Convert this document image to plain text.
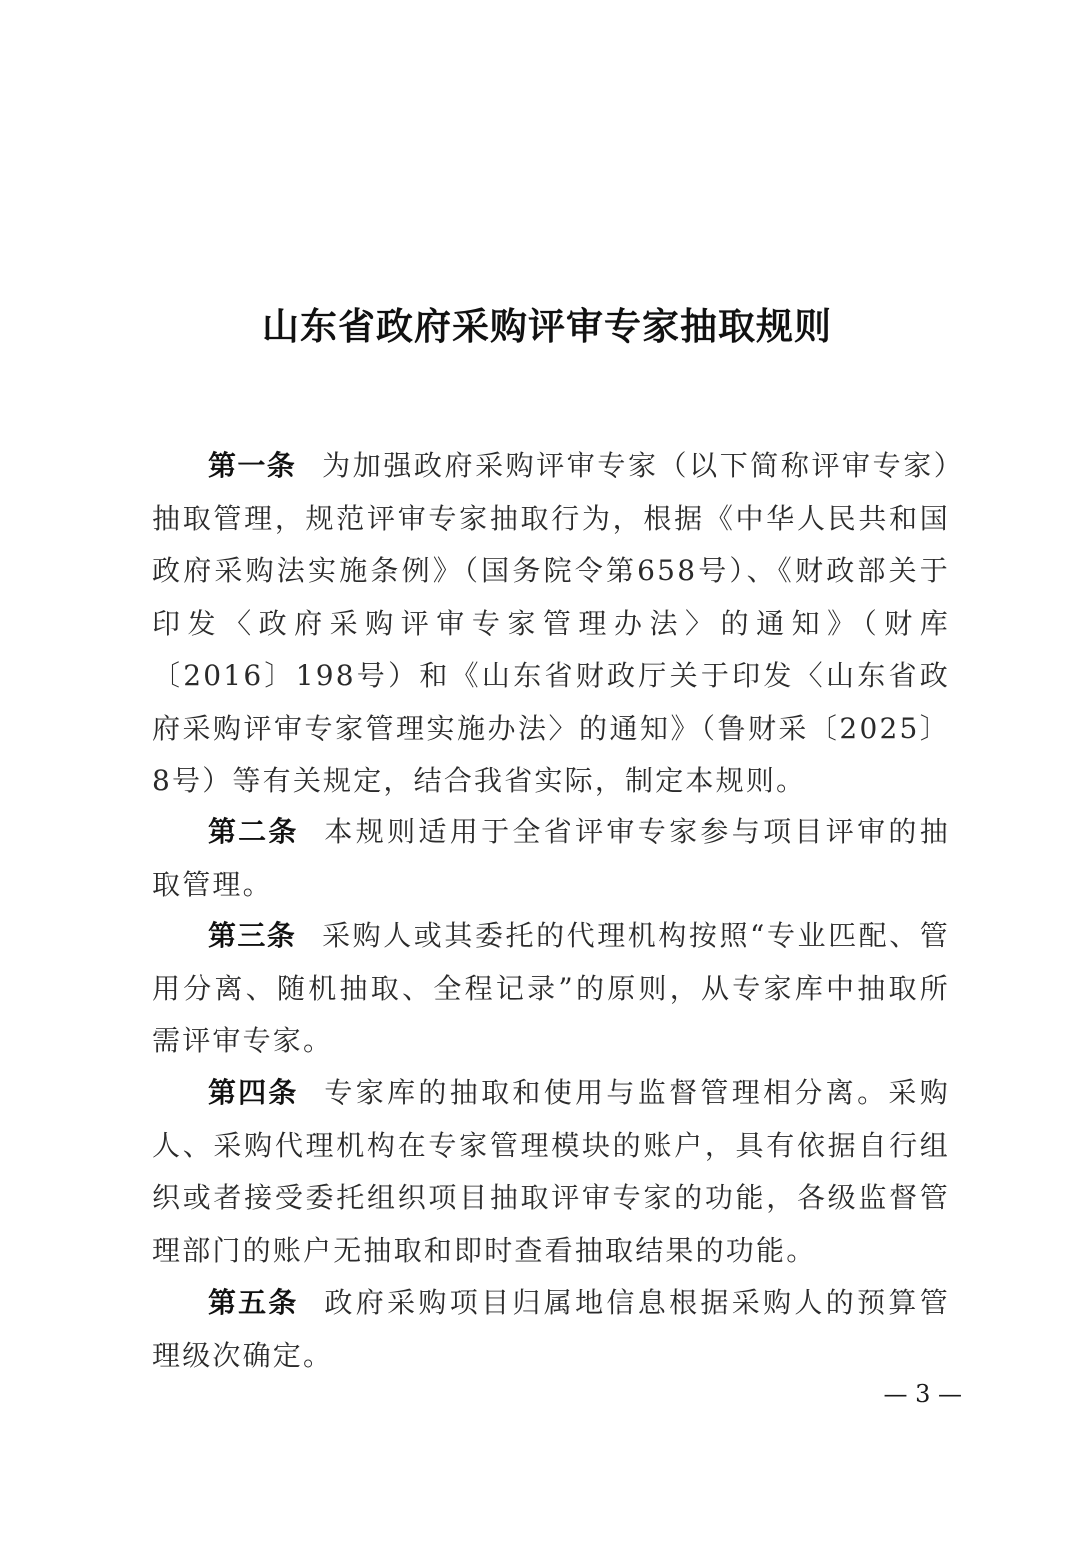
山东省政府采购评审专家抽取规则

第一条 为加强政府采购评审专家（以下简称评审专家）抽取管理，规范评审专家抽取行为，根据《中华人民共和国政府采购法实施条例》（国务院令第658号）、《财政部关于印发〈政府采购评审专家管理办法〉的通知》（财库〔2016〕198号）和《山东省财政厅关于印发〈山东省政府采购评审专家管理实施办法〉的通知》（鲁财采〔2025〕8号）等有关规定，结合我省实际，制定本规则。

第二条 本规则适用于全省评审专家参与项目评审的抽取管理。

第三条 采购人或其委托的代理机构按照“专业匹配、管用分离、随机抽取、全程记录”的原则，从专家库中抽取所需评审专家。

第四条 专家库的抽取和使用与监督管理相分离。采购人、采购代理机构在专家管理模块的账户，具有依据自行组织或者接受委托组织项目抽取评审专家的功能，各级监督管理部门的账户无抽取和即时查看抽取结果的功能。

第五条 政府采购项目归属地信息根据采购人的预算管理级次确定。

— 3 —
